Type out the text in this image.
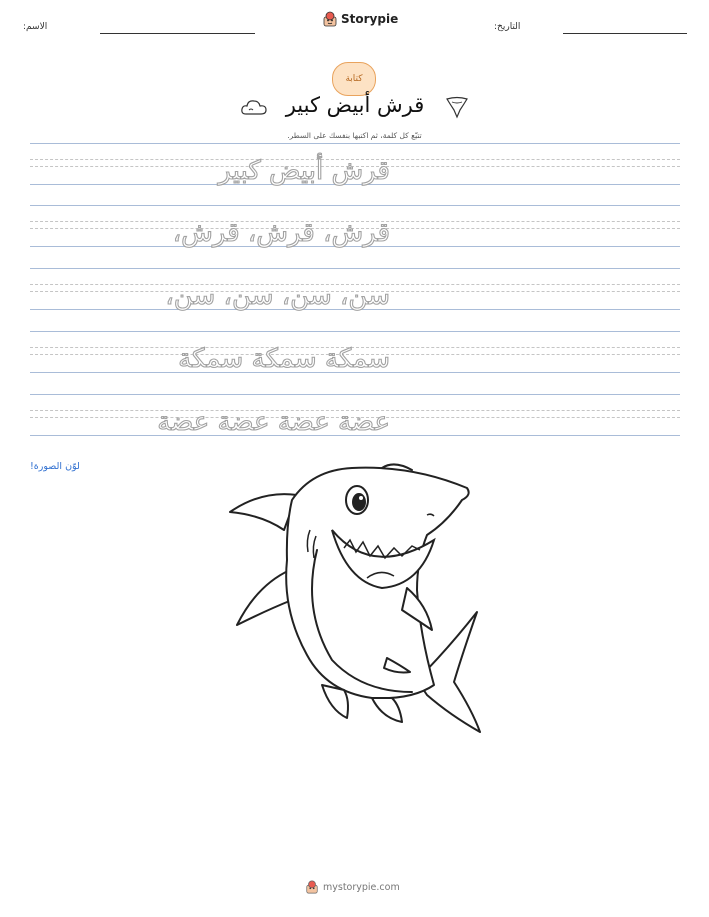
الاسم:
Storypie
التاريخ:
كتابة
قرش أبيض كبير
تتبّع كل كلمة، ثم اكتبها بنفسك على السطر.
قرش أبيض كبير
قرش، قرش، قرش،
سن، سن، سن، سن،
سمكة سمكة سمكة
عضة عضة عضة عضة
لوّن الصورة!
mystorypie.com
